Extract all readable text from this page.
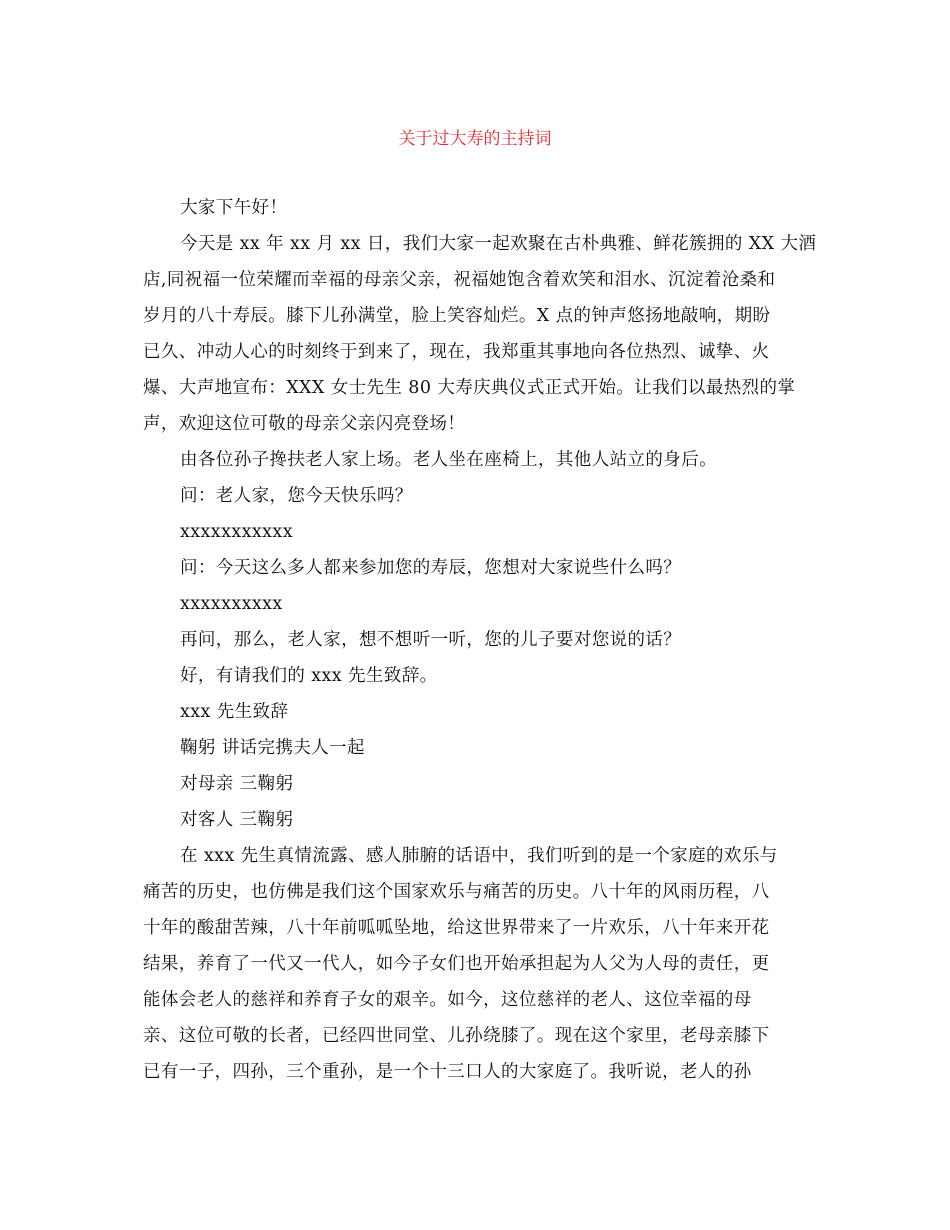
关于过大寿的主持词
大家下午好！
今天是 xx 年 xx 月 xx 日，我们大家一起欢聚在古朴典雅、鲜花簇拥的 XX 大酒
店,同祝福一位荣耀而幸福的母亲父亲，祝福她饱含着欢笑和泪水、沉淀着沧桑和
岁月的八十寿辰。膝下儿孙满堂，脸上笑容灿烂。X 点的钟声悠扬地敲响，期盼
已久、冲动人心的时刻终于到来了，现在，我郑重其事地向各位热烈、诚挚、火
爆、大声地宣布：XXX 女士先生 80 大寿庆典仪式正式开始。让我们以最热烈的掌
声，欢迎这位可敬的母亲父亲闪亮登场！
由各位孙子搀扶老人家上场。老人坐在座椅上，其他人站立的身后。
问：老人家，您今天快乐吗？
xxxxxxxxxxx
问：今天这么多人都来参加您的寿辰，您想对大家说些什么吗？
xxxxxxxxxx
再问，那么，老人家，想不想听一听，您的儿子要对您说的话？
好，有请我们的 xxx 先生致辞。
xxx 先生致辞
鞠躬 讲话完携夫人一起
对母亲 三鞠躬
对客人 三鞠躬
在 xxx 先生真情流露、感人肺腑的话语中，我们听到的是一个家庭的欢乐与
痛苦的历史，也仿佛是我们这个国家欢乐与痛苦的历史。八十年的风雨历程，八
十年的酸甜苦辣，八十年前呱呱坠地，给这世界带来了一片欢乐，八十年来开花
结果，养育了一代又一代人，如今子女们也开始承担起为人父为人母的责任，更
能体会老人的慈祥和养育子女的艰辛。如今，这位慈祥的老人、这位幸福的母
亲、这位可敬的长者，已经四世同堂、儿孙绕膝了。现在这个家里，老母亲膝下
已有一子，四孙，三个重孙，是一个十三口人的大家庭了。我听说，老人的孙
